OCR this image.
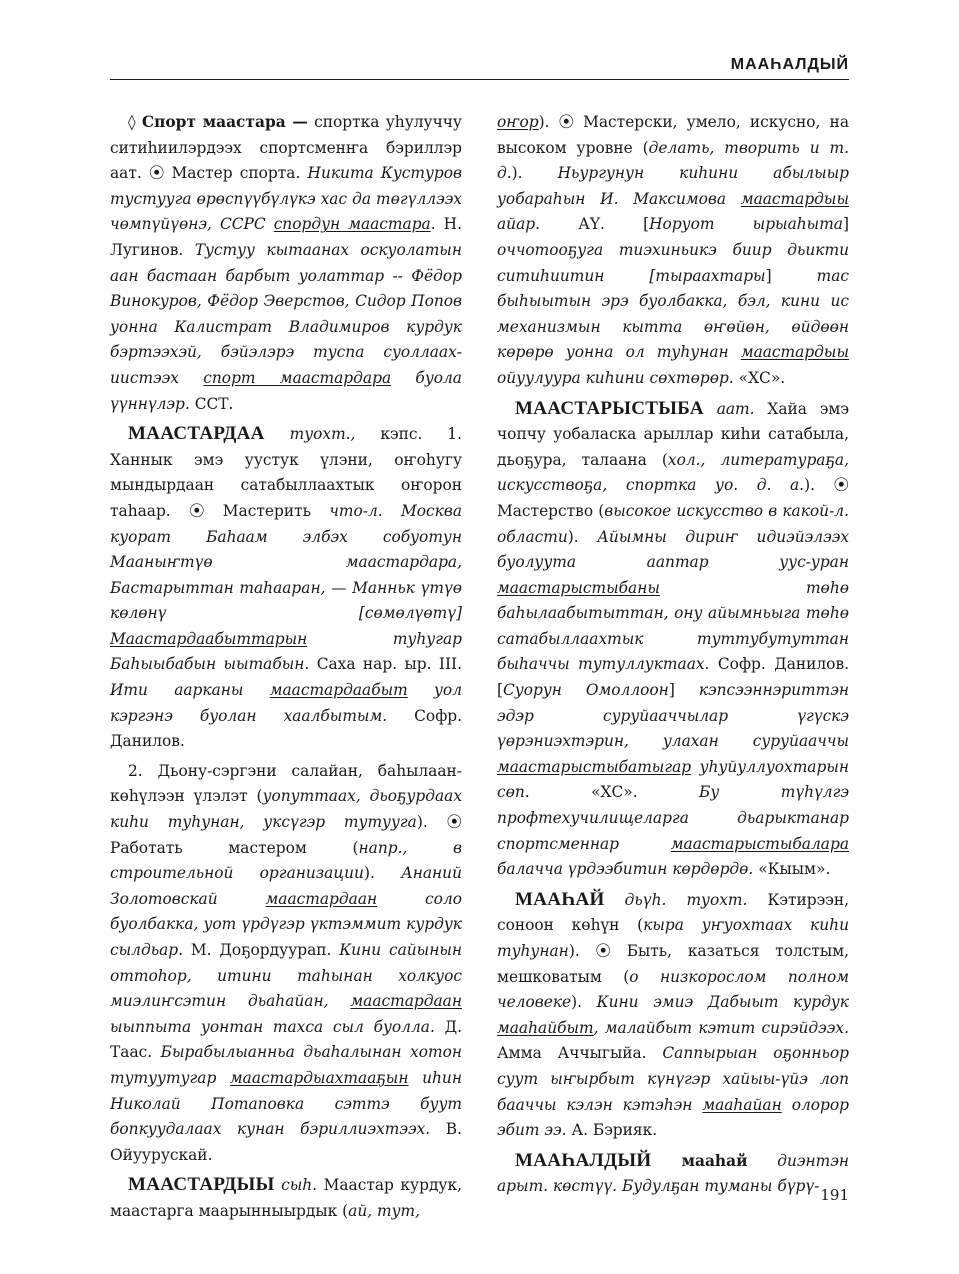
МААҺАЛДЫЙ

◊ Спорт маастара — спортка уһулуччу ситиһиилэрдээх спортсменҥа бэриллэр аат. ⦿ Мастер спорта. Никита Кустуров тустууга өрөспүүбүлүкэ хас да төгүллээх чөмпүйүөнэ, ССРС спордун маастара. Н. Лугинов. Тустуу кытаанах оскуолатын аан бастаан барбыт уолаттар -- Фёдор Винокуров, Фёдор Эверстов, Сидор Попов уонна Калистрат Владимиров курдук бэртээхэй, бэйэлэрэ туспа суоллаах-иистээх спорт маастардара буола үүннүлэр. ССТ.

МААСТАРДАА туохт., кэпс. 1. Ханнык эмэ уустук үлэни, оҥоһугу мындырдаан сатабыллаахтык оҥорон таһаар. ⦿ Мастерить что-л. Москва куорат Баһаам элбэх собуотун Мааныҥтүө маастардара, Бастарыттан таһааран, — Манньк үтүө көлөнү [сөмөлүөтү] Маастардаабыттарын туһугар Баһыыбабын ыытабын. Саха нар. ыр. III. Ити аарканы маастардаабыт уол кэргэнэ буолан хаалбытым. Софр. Данилов.

2. Дьону-сэргэни салайан, баһылаан-көһүлээн үлэлэт (уопуттаах, дьоҕурдаах киһи туһунан, уксүгэр тутууга). ⦿ Работать мастером (напр., в строительной организации). Ананий Золотовскай маастардаан соло буолбакка, уот үрдүгэр үктэммит курдук сылдьар. М. Доҕордуурап. Кини сайынын оттоһор, итини таһынан холкуос миэлиҥсэтин дьаһайан, маастардаан ыыппыта уонтан тахса сыл буолла. Д. Таас. Бырабылыанньа дьаһалынан хотон тутуутугар маастардыахтааҕын иһин Николай Потаповка сэттэ буут бопкуудалаах кунан бэриллиэхтээх. В. Ойуурускай.

МААСТАРДЫЫ сыһ. Маастар курдук, маастарга маарынныырдык (ай, тут,

оҥор). ⦿ Мастерски, умело, искусно, на высоком уровне (делать, творить и т. д.). Ньургунун киһини абылыыр уобараһын И. Максимова маастардыы айар. АҮ. [Норуот ырыаһыта] оччотооҕуга тиэхиньикэ биир дьикти ситиһиитин [тыраахтары] тас быһыытын эрэ буолбакка, бэл, кини ис механизмын кытта өҥөйөн, өйдөөн көрөрө уонна ол туһунан маастардыы ойуулуура киһини сөхтөрөр. «ХС».

МААСТАРЫСТЫБА аат. Хайа эмэ чопчу уобаласка арыллар киһи сатабыла, дьоҕура, талаана (хол., литератураҕа, искусствоҕа, спортка уо. д. а.). ⦿ Мастерство (высокое искусство в какой-л. области). Айымны дириҥ идиэйэлээх буолуута ааптар уус-уран маастарыстыбаны төһө баһылаабытыттан, ону айымньыга төһө сатабыллаахтык туттубутуттан быһаччы тутуллуктаах. Софр. Данилов. [Суорун Омоллоон] кэпсээннэриттэн эдэр суруйааччылар үгүскэ үөрэниэхтэрин, улахан суруйааччы маастарыстыбатыгар уһуйуллуохтарын сөп. «ХС». Бу түһүлгэ профтехучилищеларга дьарыктанар спортсменнар маастарыстыбалара балачча үрдээбитин көрдөрдө. «Кыым».

МААҺАЙ дьүһ. туохт. Кэтирээн, соноон көһүн (кыра уҥуохтаах киһи туһунан). ⦿ Быть, казаться толстым, мешковатым (о низкорослом полном человеке). Кини эмиэ Дабыыт курдук мааһайбыт, малайбыт кэтит сирэйдээх. Амма Аччыгыйа. Саппырыан оҕонньор суут ыҥырбыт күнүгэр хайыы-үйэ лоп бааччы кэлэн кэтэһэн мааһайан олорор эбит ээ. А. Бэрияк.

МААҺАЛДЫЙ мааһай диэнтэн арыт. көстүү. Будулҕан туманы бүрү- 191
